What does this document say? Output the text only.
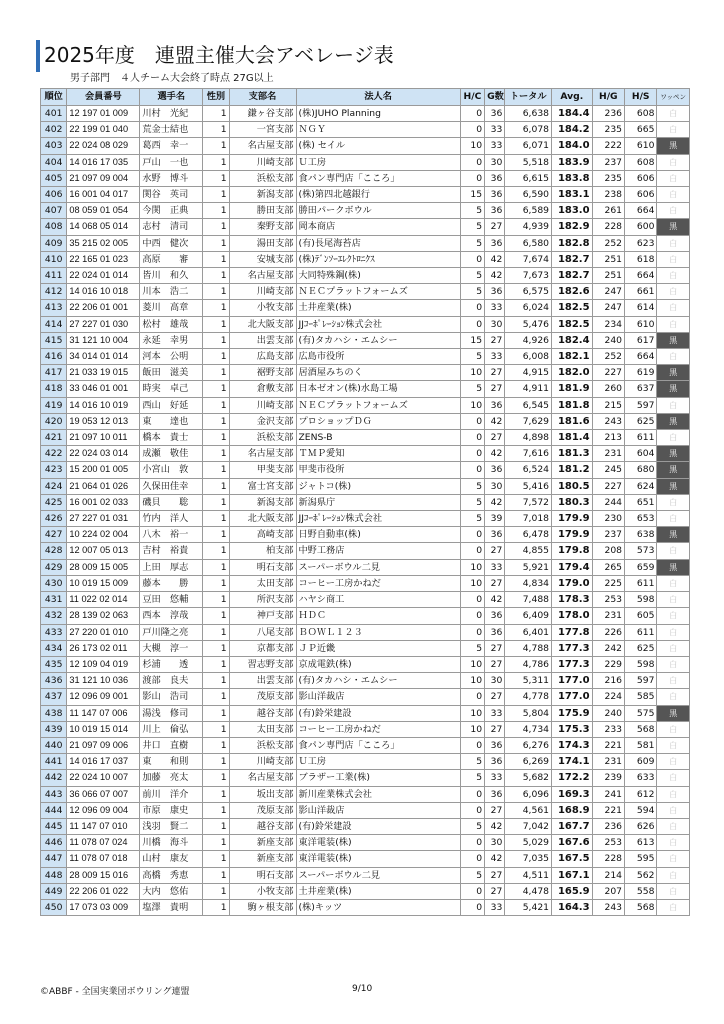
2025年度　連盟主催大会アベレージ表
男子部門　４人チーム大会終了時点 27G以上
順位	会員番号	選手名	性別	支部名	法人名	H/C	G数	トータル	Avg.	H/G	H/S	ワッペン
401	12 197 01 009	川村　光紀	1	鎌ヶ谷支部	(株)JUHO Planning	0	36	6,638	184.4	236	608	白
402	22 199 01 040	荒金士結也	1	一宮支部	ＮＧＹ	0	33	6,078	184.2	235	665	白
403	22 024 08 029	葛西　幸一	1	名古屋支部	(株) セイル	10	33	6,071	184.0	222	610	黒
404	14 016 17 035	戸山　一也	1	川崎支部	Ｕ工房	0	30	5,518	183.9	237	608	白
405	21 097 09 004	水野　博斗	1	浜松支部	食パン専門店「こころ」	0	36	6,615	183.8	235	606	白
406	16 001 04 017	関谷　英司	1	新潟支部	(株)第四北越銀行	15	36	6,590	183.1	238	606	白
407	08 059 01 054	今関　正典	1	勝田支部	勝田パークボウル	5	36	6,589	183.0	261	664	白
408	14 068 05 014	志村　清司	1	秦野支部	岡本商店	5	27	4,939	182.9	228	600	黒
409	35 215 02 005	中西　健次	1	湯田支部	(有)長尾海苔店	5	36	6,580	182.8	252	623	白
410	22 165 01 023	高原　　審	1	安城支部	(株)ﾃﾞﾝｿｰｴﾚｸﾄﾛﾆｸｽ	0	42	7,674	182.7	251	618	白
411	22 024 01 014	皆川　和久	1	名古屋支部	大同特殊鋼(株)	5	42	7,673	182.7	251	664	白
412	14 016 10 018	川本　浩二	1	川崎支部	ＮＥＣプラットフォームズ	5	36	6,575	182.6	247	661	白
413	22 206 01 001	菱川　高章	1	小牧支部	土井産業(株)	0	33	6,024	182.5	247	614	白
414	27 227 01 030	松村　雄哉	1	北大阪支部	JJｺｰﾎﾟﾚｰｼｮﾝ株式会社	0	30	5,476	182.5	234	610	白
415	31 121 10 004	永延　幸男	1	出雲支部	(有)タカハシ・エムシー	15	27	4,926	182.4	240	617	黒
416	34 014 01 014	河本　公明	1	広島支部	広島市役所	5	33	6,008	182.1	252	664	白
417	21 033 19 015	飯田　滋美	1	裾野支部	居酒屋みちのく	10	27	4,915	182.0	227	619	黒
418	33 046 01 001	時実　卓己	1	倉敷支部	日本ゼオン(株)水島工場	5	27	4,911	181.9	260	637	黒
419	14 016 10 019	西山　好延	1	川崎支部	ＮＥＣプラットフォームズ	10	36	6,545	181.8	215	597	白
420	19 053 12 013	東　　達也	1	金沢支部	プロショップＤＧ	0	42	7,629	181.6	243	625	黒
421	21 097 10 011	橋本　貴士	1	浜松支部	ZENS-B	0	27	4,898	181.4	213	611	白
422	22 024 03 014	成瀬　敬佳	1	名古屋支部	ＴＭＰ愛知	0	42	7,616	181.3	231	604	黒
423	15 200 01 005	小宮山　敦	1	甲斐支部	甲斐市役所	0	36	6,524	181.2	245	680	黒
424	21 064 01 026	久保田佳幸	1	富士宮支部	ジャトコ(株)	5	30	5,416	180.5	227	624	黒
425	16 001 02 033	磯貝　　聡	1	新潟支部	新潟県庁	5	42	7,572	180.3	244	651	白
426	27 227 01 031	竹内　洋人	1	北大阪支部	JJｺｰﾎﾟﾚｰｼｮﾝ株式会社	5	39	7,018	179.9	230	653	白
427	10 224 02 004	八木　裕一	1	高崎支部	日野自動車(株)	0	36	6,478	179.9	237	638	黒
428	12 007 05 013	吉村　裕貴	1	柏支部	中野工務店	0	27	4,855	179.8	208	573	白
429	28 009 15 005	上田　厚志	1	明石支部	スーパーボウル二見	10	33	5,921	179.4	265	659	黒
430	10 019 15 009	藤本　　勝	1	太田支部	コーヒー工房かねだ	10	27	4,834	179.0	225	611	白
431	11 022 02 014	豆田　悠輔	1	所沢支部	ハヤシ商工	0	42	7,488	178.3	253	598	白
432	28 139 02 063	西本　淳哉	1	神戸支部	ＨＤＣ	0	36	6,409	178.0	231	605	白
433	27 220 01 010	戸川隆之亮	1	八尾支部	ＢＯＷＬ１２３	0	36	6,401	177.8	226	611	白
434	26 173 02 011	大槻　淳一	1	京都支部	ＪＰ近畿	5	27	4,788	177.3	242	625	白
435	12 109 04 019	杉浦　　透	1	習志野支部	京成電鉄(株)	10	27	4,786	177.3	229	598	白
436	31 121 10 036	渡部　良夫	1	出雲支部	(有)タカハシ・エムシー	10	30	5,311	177.0	216	597	白
437	12 096 09 001	影山　浩司	1	茂原支部	影山洋裁店	0	27	4,778	177.0	224	585	白
438	11 147 07 006	湯浅　修司	1	越谷支部	(有)鈴栄建設	10	33	5,804	175.9	240	575	黒
439	10 019 15 014	川上　倫弘	1	太田支部	コーヒー工房かねだ	10	27	4,734	175.3	233	568	白
440	21 097 09 006	井口　直樹	1	浜松支部	食パン専門店「こころ」	0	36	6,276	174.3	221	581	白
441	14 016 17 037	東　　和則	1	川崎支部	Ｕ工房	5	36	6,269	174.1	231	609	白
442	22 024 10 007	加藤　亮太	1	名古屋支部	ブラザー工業(株)	5	33	5,682	172.2	239	633	白
443	36 066 07 007	前川　洋介	1	坂出支部	新川産業株式会社	0	36	6,096	169.3	241	612	白
444	12 096 09 004	市原　康史	1	茂原支部	影山洋裁店	0	27	4,561	168.9	221	594	白
445	11 147 07 010	浅羽　賢二	1	越谷支部	(有)鈴栄建設	5	42	7,042	167.7	236	626	白
446	11 078 07 024	川橋　海斗	1	新座支部	東洋電装(株)	0	30	5,029	167.6	253	613	白
447	11 078 07 018	山村　康友	1	新座支部	東洋電装(株)	0	42	7,035	167.5	228	595	白
448	28 009 15 016	高橋　秀恵	1	明石支部	スーパーボウル二見	5	27	4,511	167.1	214	562	白
449	22 206 01 022	大内　悠佑	1	小牧支部	土井産業(株)	0	27	4,478	165.9	207	558	白
450	17 073 03 009	塩澤　貴明	1	駒ヶ根支部	(株)キッツ	0	33	5,421	164.3	243	568	白
©ABBF - 全国実業団ボウリング連盟	9/10
